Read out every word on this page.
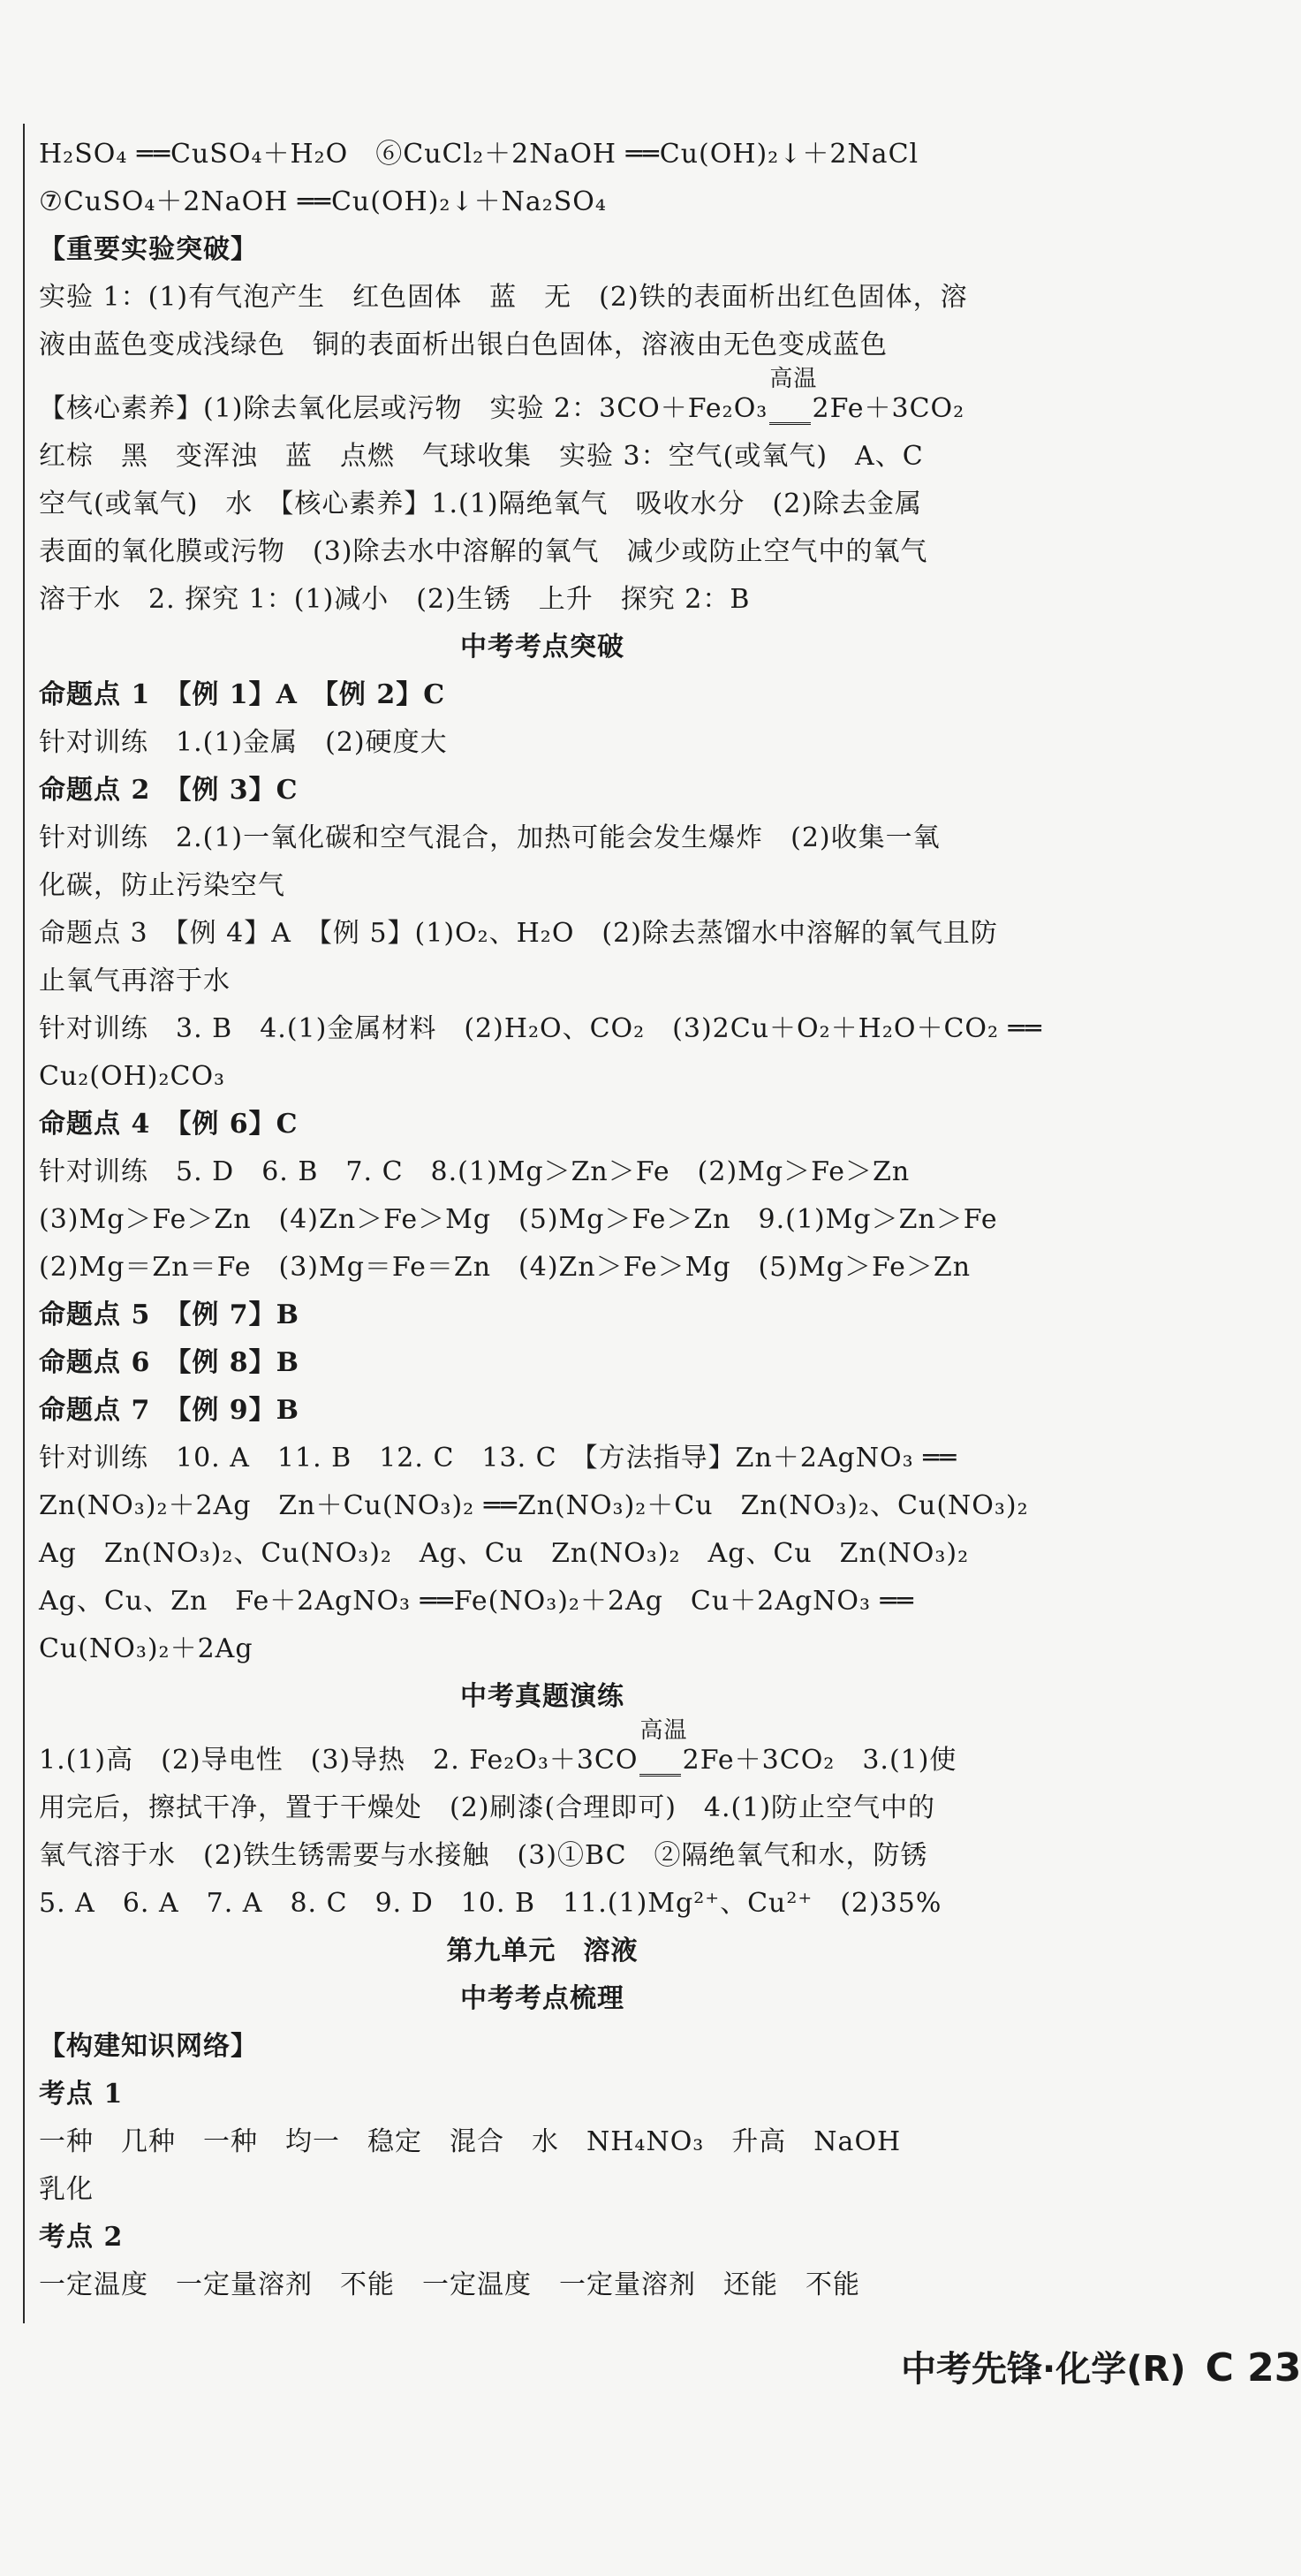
H₂SO₄ ══CuSO₄＋H₂O　⑥CuCl₂＋2NaOH ══Cu(OH)₂↓＋2NaCl
⑦CuSO₄＋2NaOH ══Cu(OH)₂↓＋Na₂SO₄
【重要实验突破】
实验 1：(1)有气泡产生　红色固体　蓝　无　(2)铁的表面析出红色固体，溶
液由蓝色变成浅绿色　铜的表面析出银白色固体，溶液由无色变成蓝色
【核心素养】(1)除去氧化层或污物　实验 2：3CO＋Fe₂O₃
高温
2Fe＋3CO₂
红棕　黑　变浑浊　蓝　点燃　气球收集　实验 3：空气(或氧气)　A、C
空气(或氧气)　水　【核心素养】1.(1)隔绝氧气　吸收水分　(2)除去金属
表面的氧化膜或污物　(3)除去水中溶解的氧气　减少或防止空气中的氧气
溶于水　2. 探究 1：(1)减小　(2)生锈　上升　探究 2：B
中考考点突破
命题点 1　【例 1】A　【例 2】C
针对训练　1.(1)金属　(2)硬度大
命题点 2　【例 3】C
针对训练　2.(1)一氧化碳和空气混合，加热可能会发生爆炸　(2)收集一氧
化碳，防止污染空气
命题点 3　【例 4】A　【例 5】(1)O₂、H₂O　(2)除去蒸馏水中溶解的氧气且防
止氧气再溶于水
针对训练　3. B　4.(1)金属材料　(2)H₂O、CO₂　(3)2Cu＋O₂＋H₂O＋CO₂ ══
Cu₂(OH)₂CO₃
命题点 4　【例 6】C
针对训练　5. D　6. B　7. C　8.(1)Mg＞Zn＞Fe　(2)Mg＞Fe＞Zn
(3)Mg＞Fe＞Zn　(4)Zn＞Fe＞Mg　(5)Mg＞Fe＞Zn　9.(1)Mg＞Zn＞Fe
(2)Mg＝Zn＝Fe　(3)Mg＝Fe＝Zn　(4)Zn＞Fe＞Mg　(5)Mg＞Fe＞Zn
命题点 5　【例 7】B
命题点 6　【例 8】B
命题点 7　【例 9】B
针对训练　10. A　11. B　12. C　13. C　【方法指导】Zn＋2AgNO₃ ══
Zn(NO₃)₂＋2Ag　Zn＋Cu(NO₃)₂ ══Zn(NO₃)₂＋Cu　Zn(NO₃)₂、Cu(NO₃)₂
Ag　Zn(NO₃)₂、Cu(NO₃)₂　Ag、Cu　Zn(NO₃)₂　Ag、Cu　Zn(NO₃)₂
Ag、Cu、Zn　Fe＋2AgNO₃ ══Fe(NO₃)₂＋2Ag　Cu＋2AgNO₃ ══
Cu(NO₃)₂＋2Ag
中考真题演练
1.(1)高　(2)导电性　(3)导热　2. Fe₂O₃＋3CO
高温
2Fe＋3CO₂　3.(1)使
用完后，擦拭干净，置于干燥处　(2)刷漆(合理即可)　4.(1)防止空气中的
氧气溶于水　(2)铁生锈需要与水接触　(3)①BC　②隔绝氧气和水，防锈
5. A　6. A　7. A　8. C　9. D　10. B　11.(1)Mg²⁺、Cu²⁺　(2)35%
第九单元　溶液
中考考点梳理
【构建知识网络】
考点 1
一种　几种　一种　均一　稳定　混合　水　NH₄NO₃　升高　NaOH
乳化
考点 2
一定温度　一定量溶剂　不能　一定温度　一定量溶剂　还能　不能
中考先锋·化学(R) C 23
